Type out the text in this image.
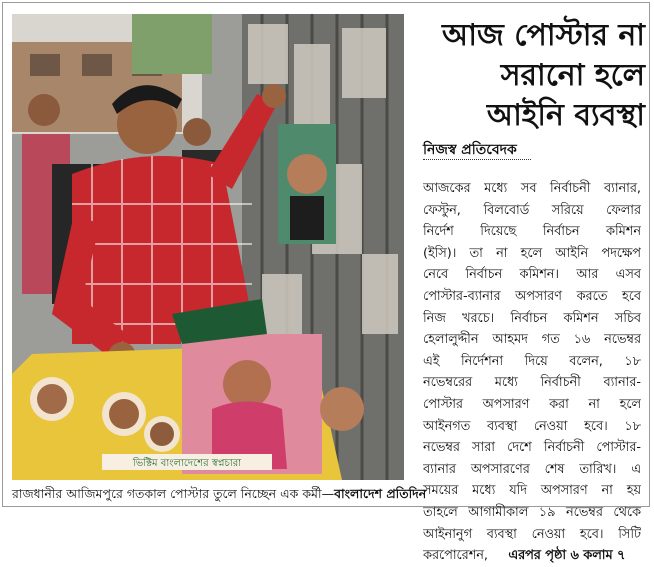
ভিক্টিম বাংলাদেশের স্বপ্নচারা
রাজধানীর আজিমপুরে গতকাল পোস্টার তুলে নিচ্ছেন এক কর্মী—বাংলাদেশ প্রতিদিন
আজ পোস্টার না
সরানো হলে
আইনি ব্যবস্থা
নিজস্ব প্রতিবেদক
আজকের মধ্যে সব নির্বাচনী ব্যানার,
ফেস্টুন, বিলবোর্ড সরিয়ে ফেলার
নির্দেশ দিয়েছে নির্বাচন কমিশন
(ইসি)। তা না হলে আইনি পদক্ষেপ
নেবে নির্বাচন কমিশন। আর এসব
পোস্টার-ব্যানার অপসারণ করতে হবে
নিজ খরচে। নির্বাচন কমিশন সচিব
হেলালুদ্দীন আহমদ গত ১৬ নভেম্বর
এই নির্দেশনা দিয়ে বলেন, ১৮
নভেম্বরের মধ্যে নির্বাচনী ব্যানার-
পোস্টার অপসারণ করা না হলে
আইনগত ব্যবস্থা নেওয়া হবে। ১৮
নভেম্বর সারা দেশে নির্বাচনী পোস্টার-
ব্যানার অপসারণের শেষ তারিখ। এ
সময়ের মধ্যে যদি অপসারণ না হয়
তাহলে আগামীকাল ১৯ নভেম্বর থেকে
আইনানুগ ব্যবস্থা নেওয়া হবে। সিটি
করপোরেশন, এরপর পৃষ্ঠা ৬ কলাম ৭
